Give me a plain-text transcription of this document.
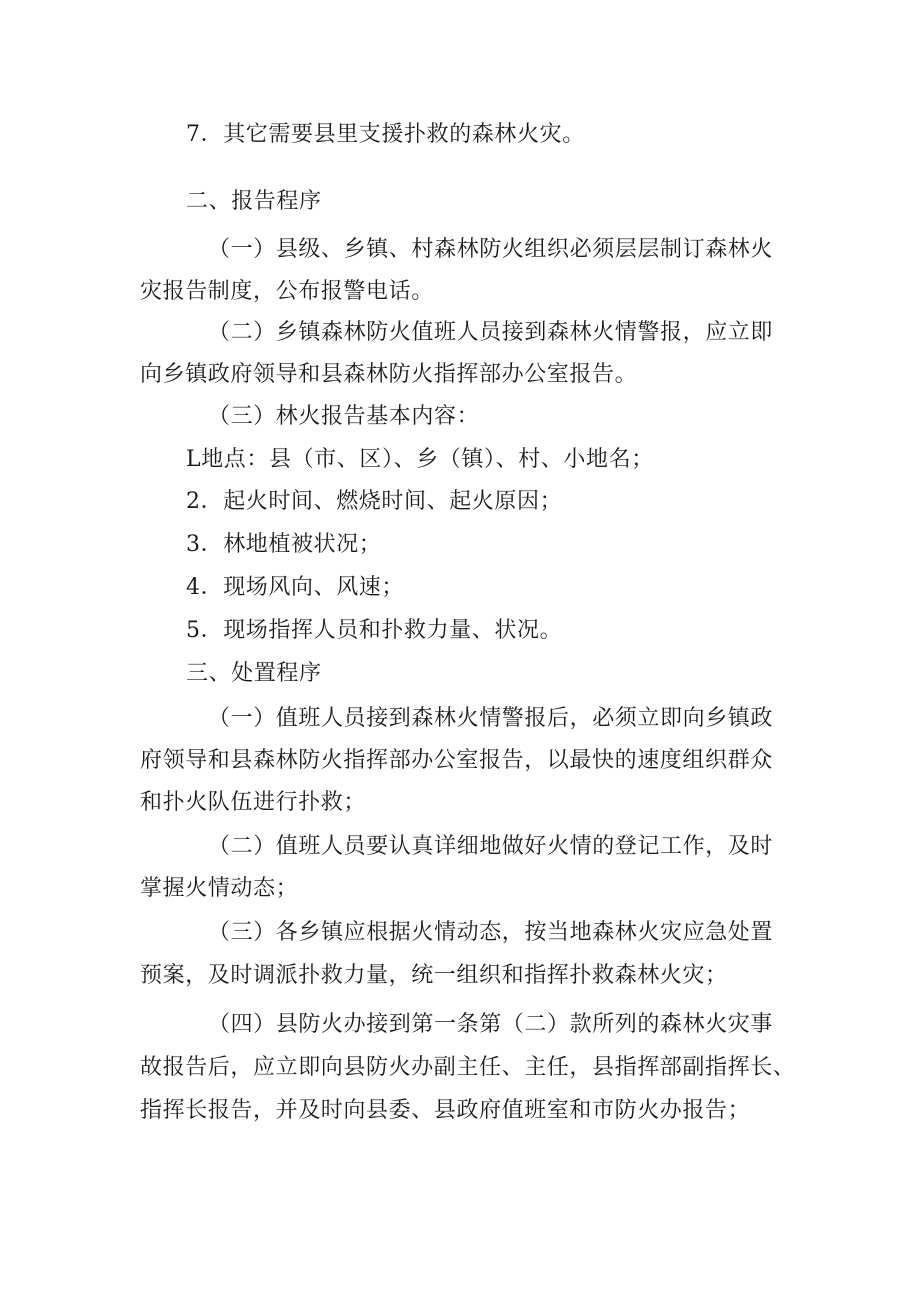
7．其它需要县里支援扑救的森林火灾。
二、报告程序
（一）县级、乡镇、村森林防火组织必须层层制订森林火
灾报告制度，公布报警电话。
（二）乡镇森林防火值班人员接到森林火情警报，应立即
向乡镇政府领导和县森林防火指挥部办公室报告。
（三）林火报告基本内容：
L地点：县（市、区）、乡（镇）、村、小地名；
2．起火时间、燃烧时间、起火原因；
3．林地植被状况；
4．现场风向、风速；
5．现场指挥人员和扑救力量、状况。
三、处置程序
（一）值班人员接到森林火情警报后，必须立即向乡镇政
府领导和县森林防火指挥部办公室报告，以最快的速度组织群众
和扑火队伍进行扑救；
（二）值班人员要认真详细地做好火情的登记工作，及时
掌握火情动态；
（三）各乡镇应根据火情动态，按当地森林火灾应急处置
预案，及时调派扑救力量，统一组织和指挥扑救森林火灾；
（四）县防火办接到第一条第（二）款所列的森林火灾事
故报告后，应立即向县防火办副主任、主任，县指挥部副指挥长、
指挥长报告，并及时向县委、县政府值班室和市防火办报告；
